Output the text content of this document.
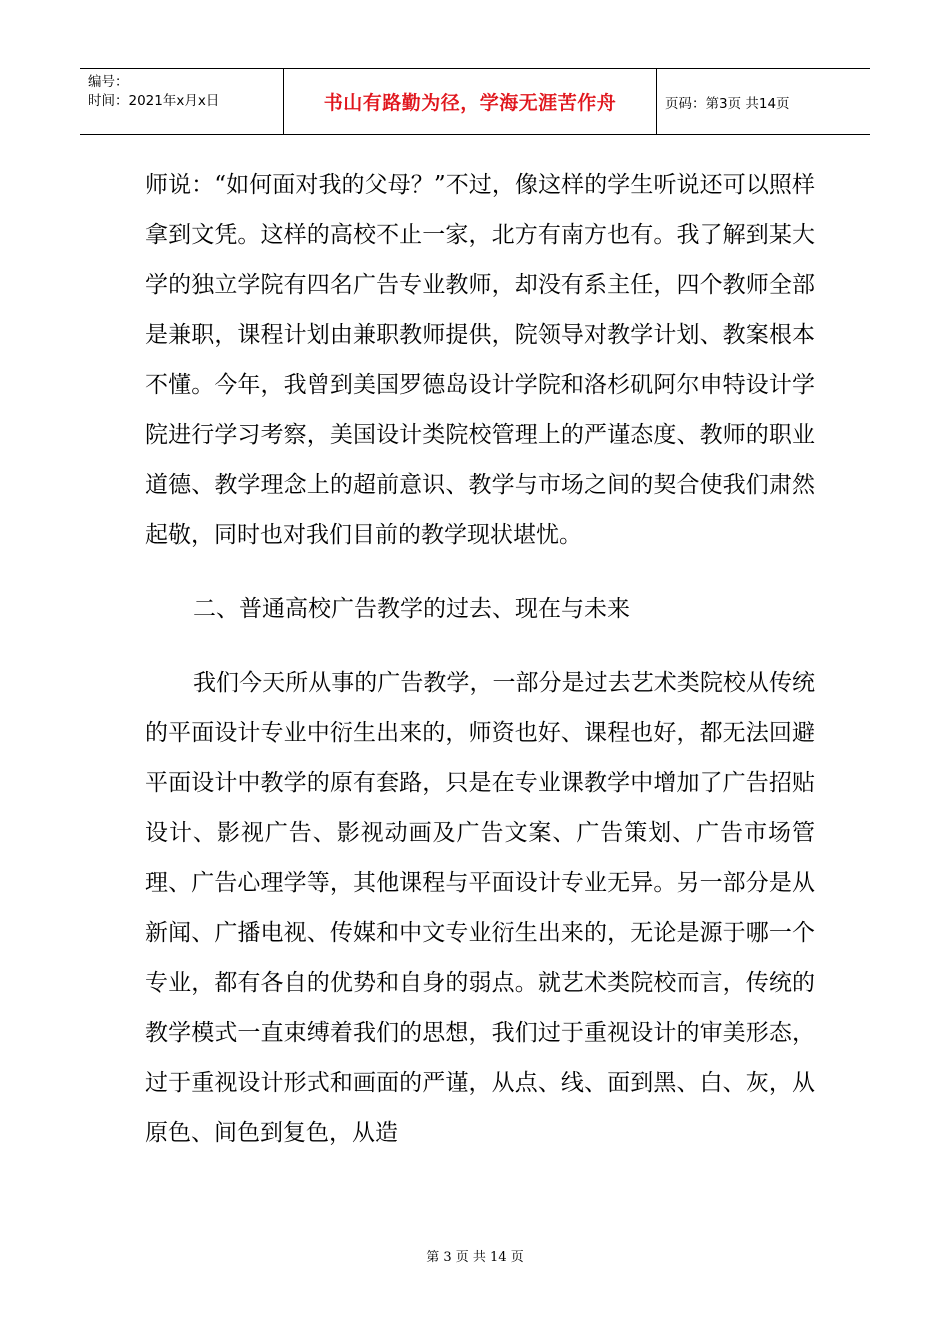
编号：
时间：2021年x月x日	书山有路勤为径，学海无涯苦作舟	页码：第3页 共14页

师说：“如何面对我的父母？”不过，像这样的学生听说还可以照样拿到文凭。这样的高校不止一家，北方有南方也有。我了解到某大学的独立学院有四名广告专业教师，却没有系主任，四个教师全部是兼职，课程计划由兼职教师提供，院领导对教学计划、教案根本不懂。今年，我曾到美国罗德岛设计学院和洛杉矶阿尔申特设计学院进行学习考察，美国设计类院校管理上的严谨态度、教师的职业道德、教学理念上的超前意识、教学与市场之间的契合使我们肃然起敬，同时也对我们目前的教学现状堪忧。

二、普通高校广告教学的过去、现在与未来

我们今天所从事的广告教学，一部分是过去艺术类院校从传统的平面设计专业中衍生出来的，师资也好、课程也好，都无法回避平面设计中教学的原有套路，只是在专业课教学中增加了广告招贴设计、影视广告、影视动画及广告文案、广告策划、广告市场管理、广告心理学等，其他课程与平面设计专业无异。另一部分是从新闻、广播电视、传媒和中文专业衍生出来的，无论是源于哪一个专业，都有各自的优势和自身的弱点。就艺术类院校而言，传统的教学模式一直束缚着我们的思想，我们过于重视设计的审美形态，过于重视设计形式和画面的严谨，从点、线、面到黑、白、灰，从原色、间色到复色，从造

第 3 页 共 14 页
